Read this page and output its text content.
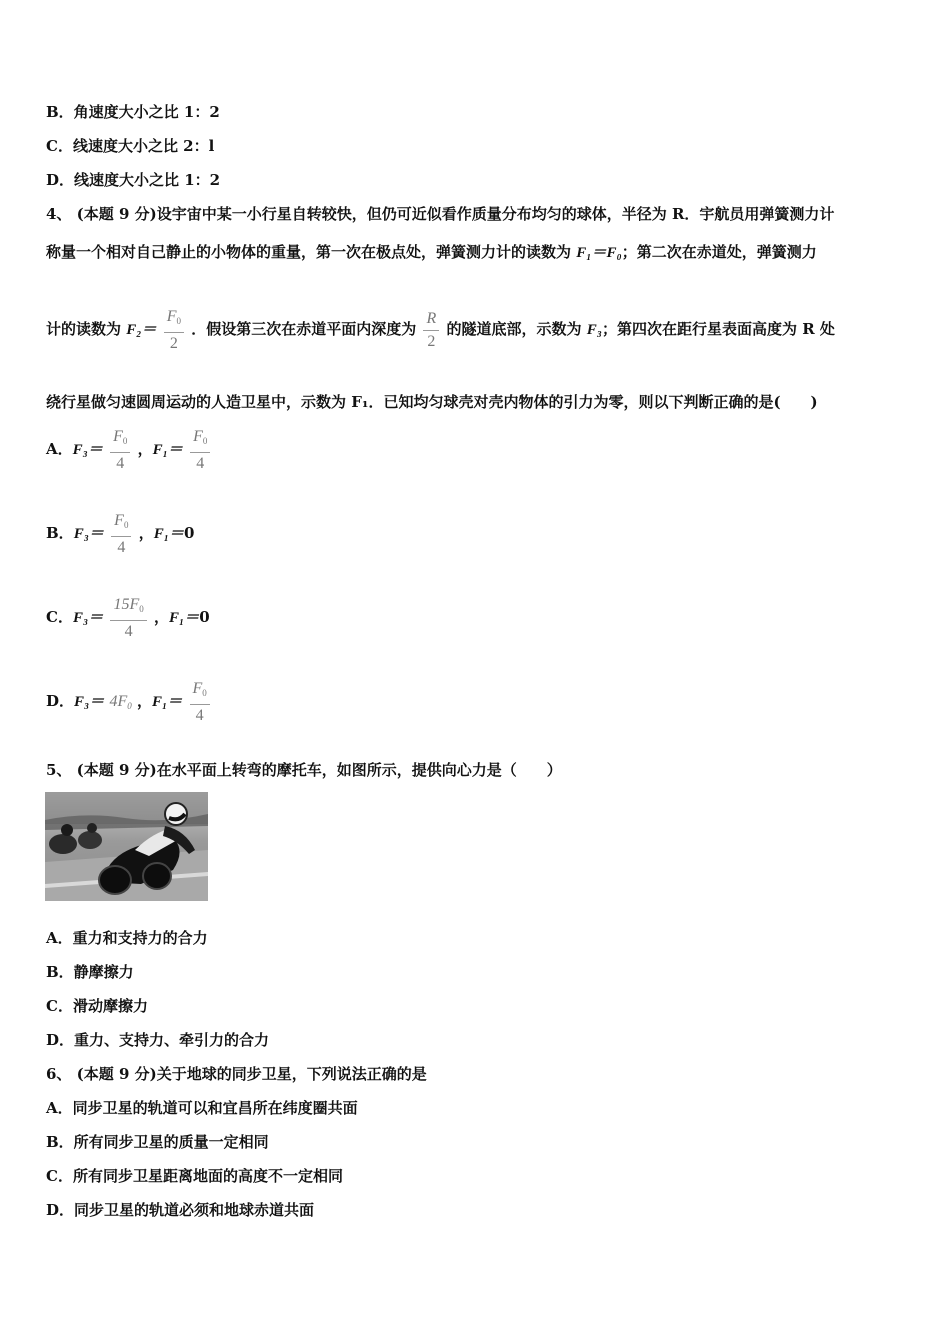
B．角速度大小之比 1：2
C．线速度大小之比 2：l
D．线速度大小之比 1：2
4、 (本题 9 分)设宇宙中某一小行星自转较快，但仍可近似看作质量分布均匀的球体，半径为 R．宇航员用弹簧测力计
称量一个相对自己静止的小物体的重量，第一次在极点处，弹簧测力计的读数为 F₁＝F₀；第二次在赤道处，弹簧测力
计的读数为 $F_2= \frac{F0}{2}$ ．假设第三次在赤道平面内深度为 $\frac{R}{2}$ 的隧道底部，示数为 F₃；第四次在距行星表面高度为 R 处
绕行星做匀速圆周运动的人造卫星中，示数为 F₁．已知均匀球壳对壳内物体的引力为零，则以下判断正确的是(　　)
A．$F_3= \frac{F0}{4}$ ，$F_1= \frac{F0}{4}$
B．$F_3= \frac{F0}{4}$ ，F₁＝0
C．$F_3= \frac{15F0}{4}$ ，F₁＝0
D．F₃＝ 4F0 ，$F_1= \frac{F0}{4}$
5、 (本题 9 分)在水平面上转弯的摩托车，如图所示，提供向心力是（　　）
A．重力和支持力的合力
B．静摩擦力
C．滑动摩擦力
D．重力、支持力、牵引力的合力
6、 (本题 9 分)关于地球的同步卫星，下列说法正确的是
A．同步卫星的轨道可以和宜昌所在纬度圈共面
B．所有同步卫星的质量一定相同
C．所有同步卫星距离地面的高度不一定相同
D．同步卫星的轨道必须和地球赤道共面
